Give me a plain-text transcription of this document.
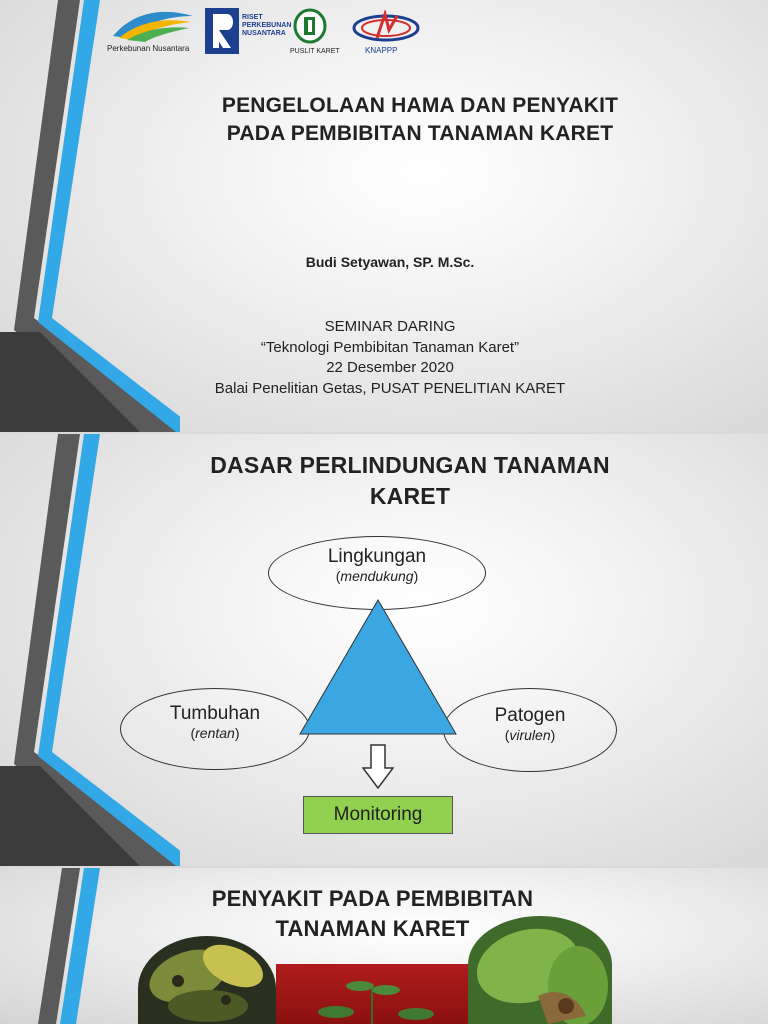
Perkebunan Nusantara
RISET
PERKEBUNAN
NUSANTARA
PUSLIT KARET	KNAPPP
PENGELOLAAN HAMA DAN PENYAKIT
PADA PEMBIBITAN TANAMAN KARET
Budi Setyawan, SP. M.Sc.
SEMINAR DARING
“Teknologi Pembibitan Tanaman Karet”
22 Desember 2020
Balai Penelitian Getas, PUSAT PENELITIAN KARET
DASAR PERLINDUNGAN TANAMAN
KARET
Lingkungan
(mendukung)
Tumbuhan
(rentan)
Patogen
(virulen)
Monitoring
PENYAKIT PADA PEMBIBITAN
TANAMAN KARET
